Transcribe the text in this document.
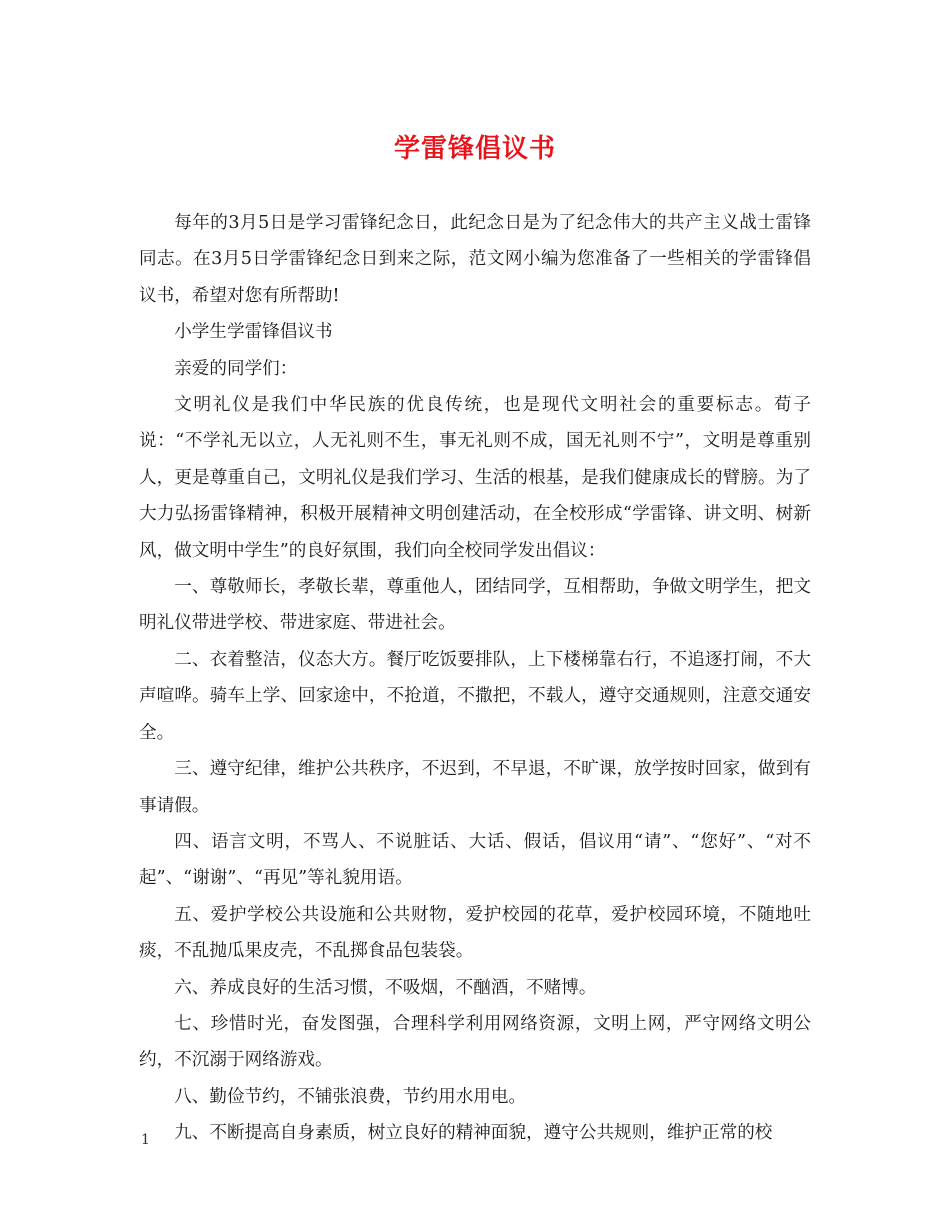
学雷锋倡议书

每年的3月5日是学习雷锋纪念日，此纪念日是为了纪念伟大的共产主义战士雷锋同志。在3月5日学雷锋纪念日到来之际，范文网小编为您准备了一些相关的学雷锋倡议书，希望对您有所帮助!

小学生学雷锋倡议书

亲爱的同学们：

文明礼仪是我们中华民族的优良传统，也是现代文明社会的重要标志。荀子说：“不学礼无以立，人无礼则不生，事无礼则不成，国无礼则不宁”，文明是尊重别人，更是尊重自己，文明礼仪是我们学习、生活的根基，是我们健康成长的臂膀。为了大力弘扬雷锋精神，积极开展精神文明创建活动，在全校形成“学雷锋、讲文明、树新风，做文明中学生”的良好氛围，我们向全校同学发出倡议：

一、尊敬师长，孝敬长辈，尊重他人，团结同学，互相帮助，争做文明学生，把文明礼仪带进学校、带进家庭、带进社会。

二、衣着整洁，仪态大方。餐厅吃饭要排队，上下楼梯靠右行，不追逐打闹，不大声喧哗。骑车上学、回家途中，不抢道，不撒把，不载人，遵守交通规则，注意交通安全。

三、遵守纪律，维护公共秩序，不迟到，不早退，不旷课，放学按时回家，做到有事请假。

四、语言文明，不骂人、不说脏话、大话、假话，倡议用“请”、“您好”、“对不起”、“谢谢”、“再见”等礼貌用语。

五、爱护学校公共设施和公共财物，爱护校园的花草，爱护校园环境，不随地吐痰，不乱抛瓜果皮壳，不乱掷食品包装袋。

六、养成良好的生活习惯，不吸烟，不酗酒，不赌博。

七、珍惜时光，奋发图强，合理科学利用网络资源，文明上网，严守网络文明公约，不沉溺于网络游戏。

八、勤俭节约，不铺张浪费，节约用水用电。

九、不断提高自身素质，树立良好的精神面貌，遵守公共规则，维护正常的校

1
